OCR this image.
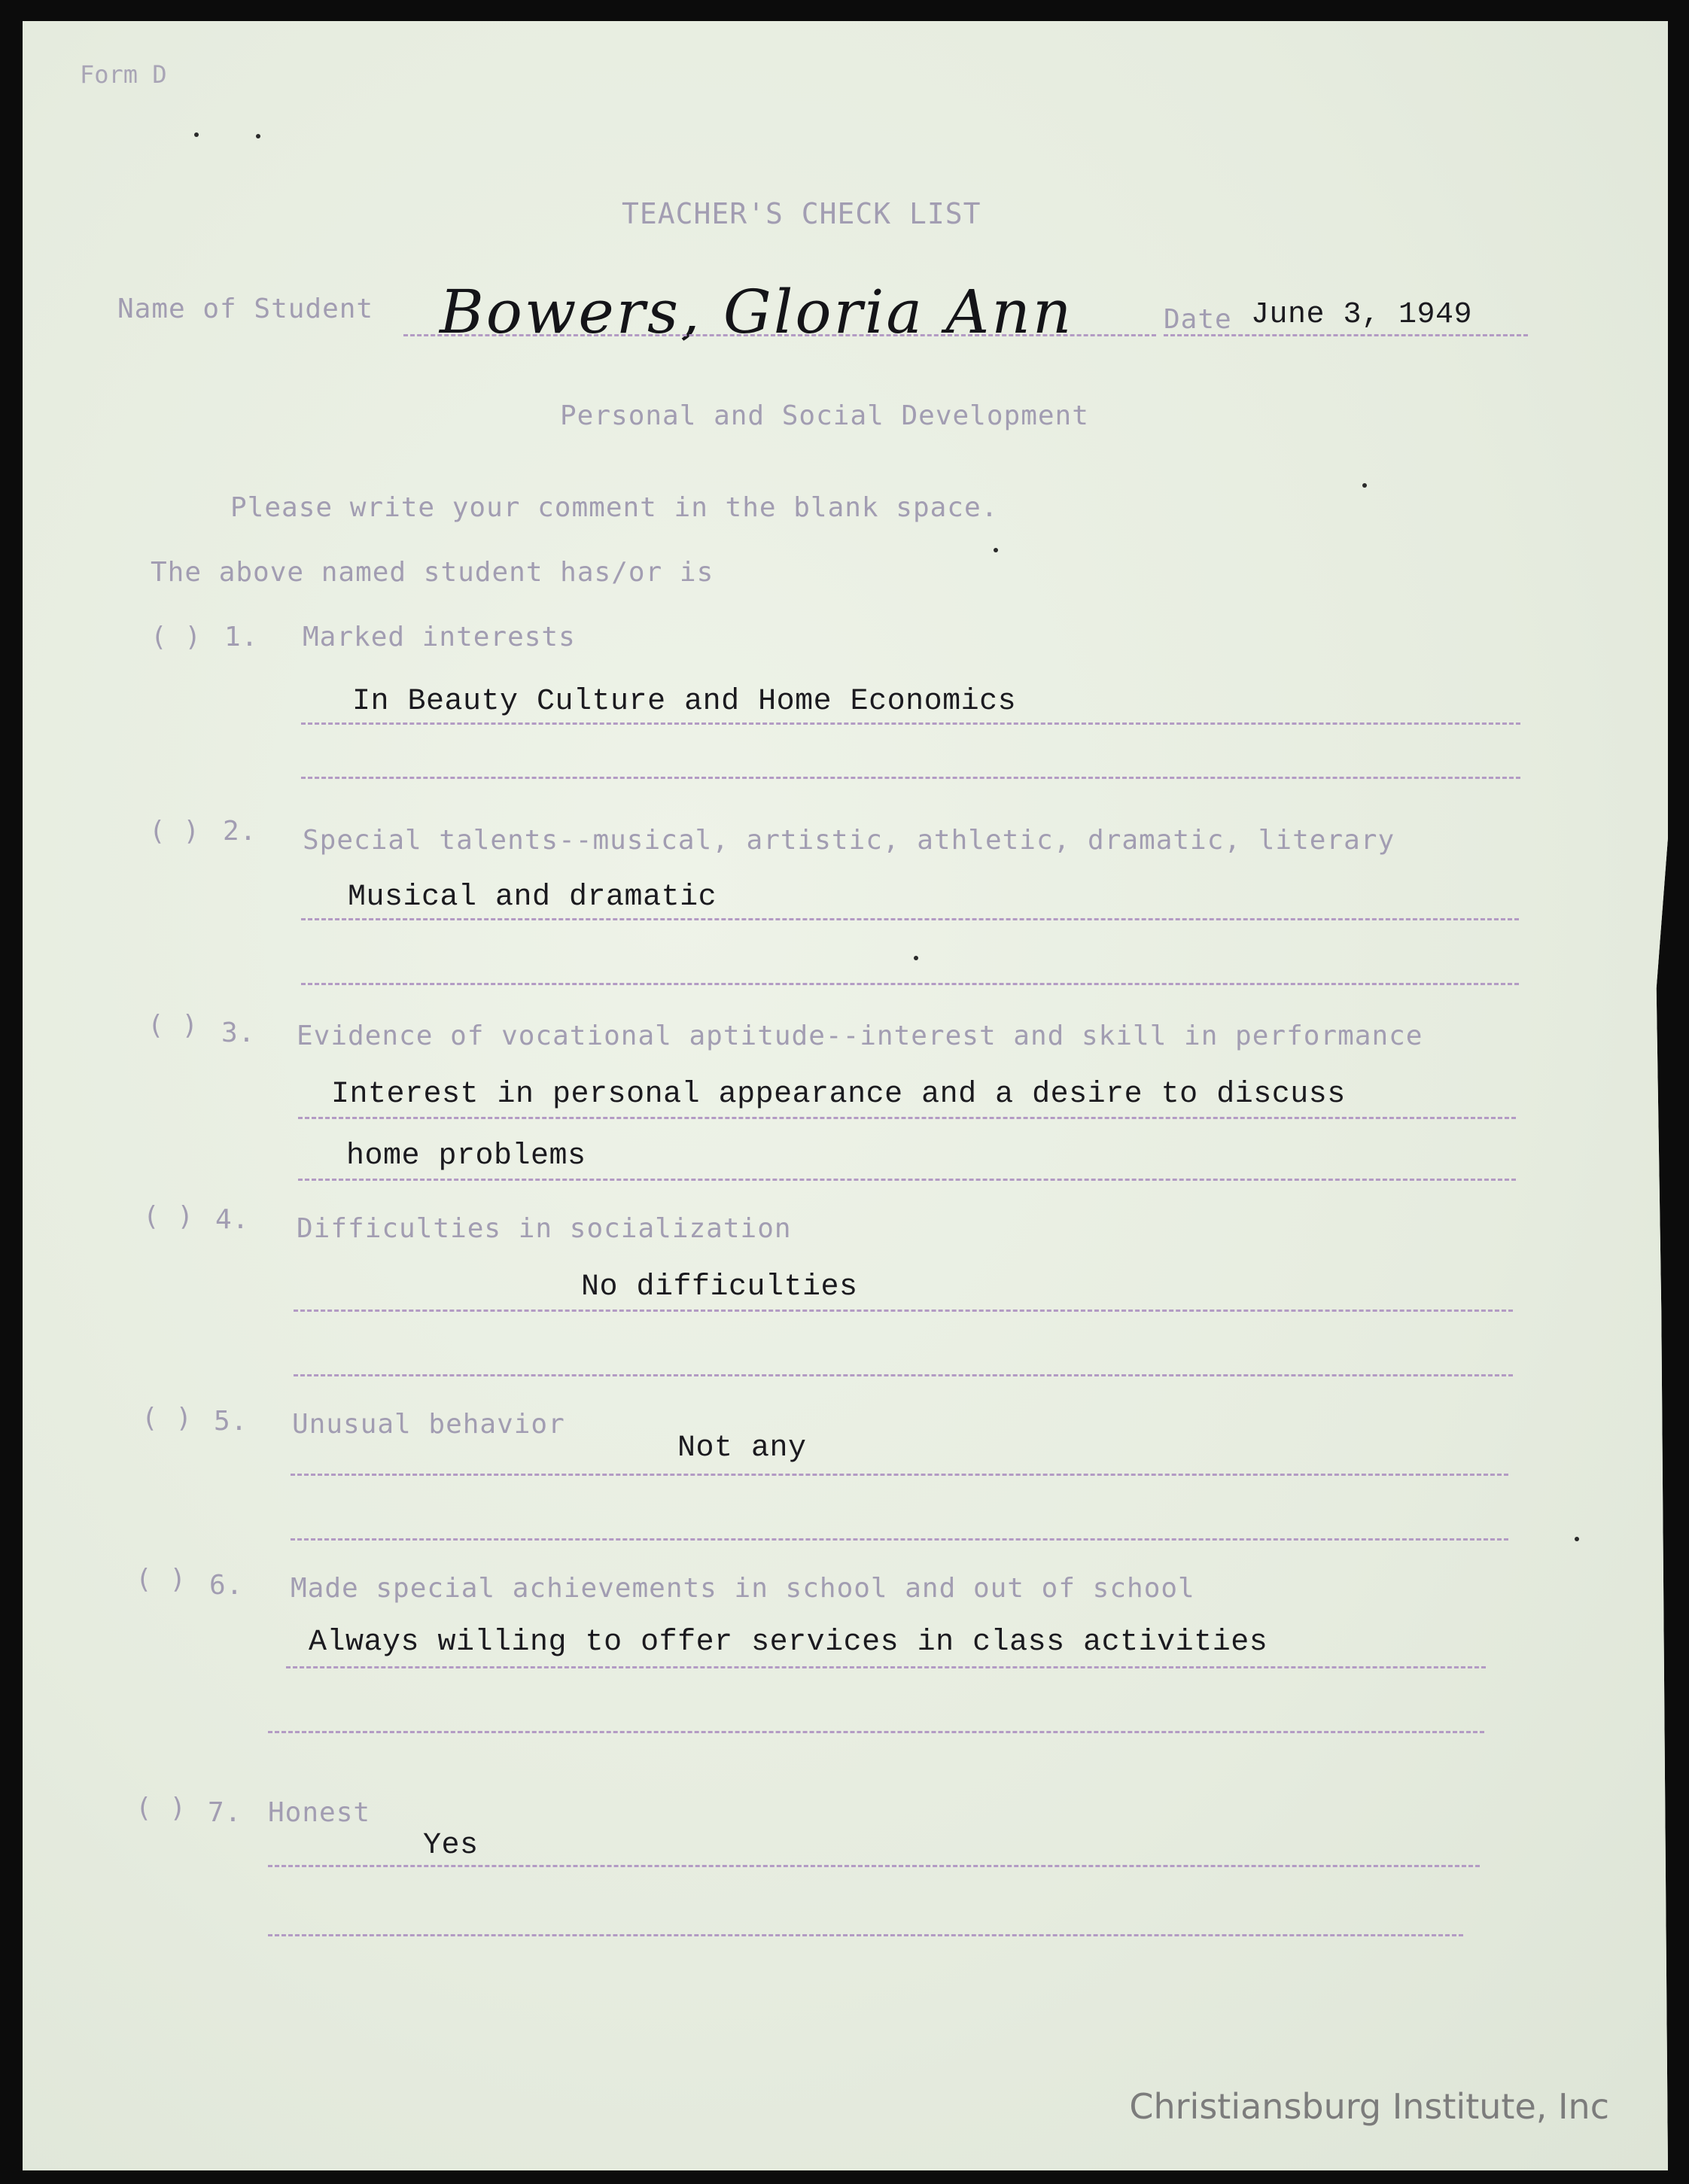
Form D
TEACHER'S CHECK LIST
Name of Student Bowers, Gloria Ann	Date June 3, 1949
Personal and Social Development
Please write your comment in the blank space.
The above named student has/or is
( ) 1. Marked interests
In Beauty Culture and Home Economics
( ) 2. Special talents--musical, artistic, athletic, dramatic, literary
Musical and dramatic
( ) 3. Evidence of vocational aptitude--interest and skill in performance
Interest in personal appearance and a desire to discuss
home problems
( ) 4. Difficulties in socialization
No difficulties
( ) 5. Unusual behavior
Not any
( ) 6. Made special achievements in school and out of school
Always willing to offer services in class activities
( ) 7. Honest
Yes
Christiansburg Institute, Inc
